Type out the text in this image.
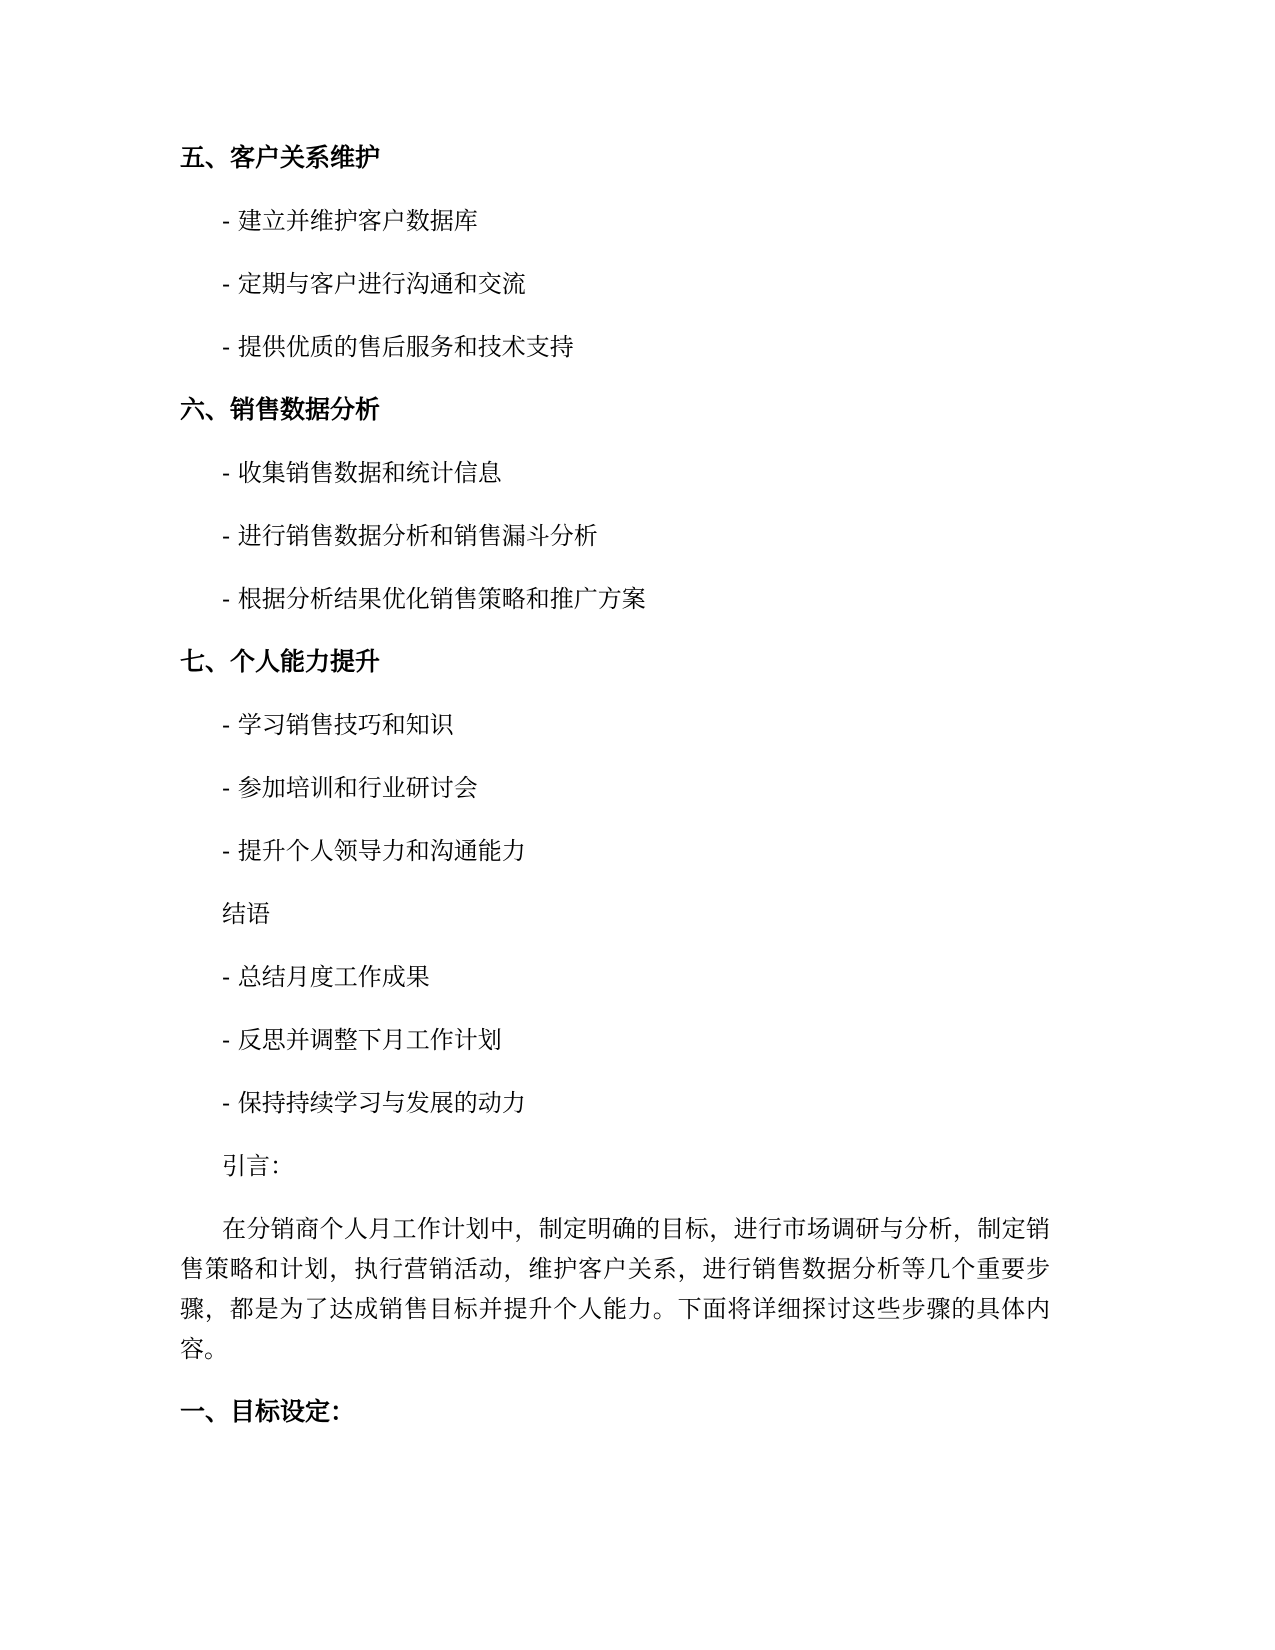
五、客户关系维护
- 建立并维护客户数据库
- 定期与客户进行沟通和交流
- 提供优质的售后服务和技术支持
六、销售数据分析
- 收集销售数据和统计信息
- 进行销售数据分析和销售漏斗分析
- 根据分析结果优化销售策略和推广方案
七、个人能力提升
- 学习销售技巧和知识
- 参加培训和行业研讨会
- 提升个人领导力和沟通能力
结语
- 总结月度工作成果
- 反思并调整下月工作计划
- 保持持续学习与发展的动力
引言：
在分销商个人月工作计划中，制定明确的目标，进行市场调研与分析，制定销售策略和计划，执行营销活动，维护客户关系，进行销售数据分析等几个重要步骤，都是为了达成销售目标并提升个人能力。下面将详细探讨这些步骤的具体内容。
一、目标设定：
